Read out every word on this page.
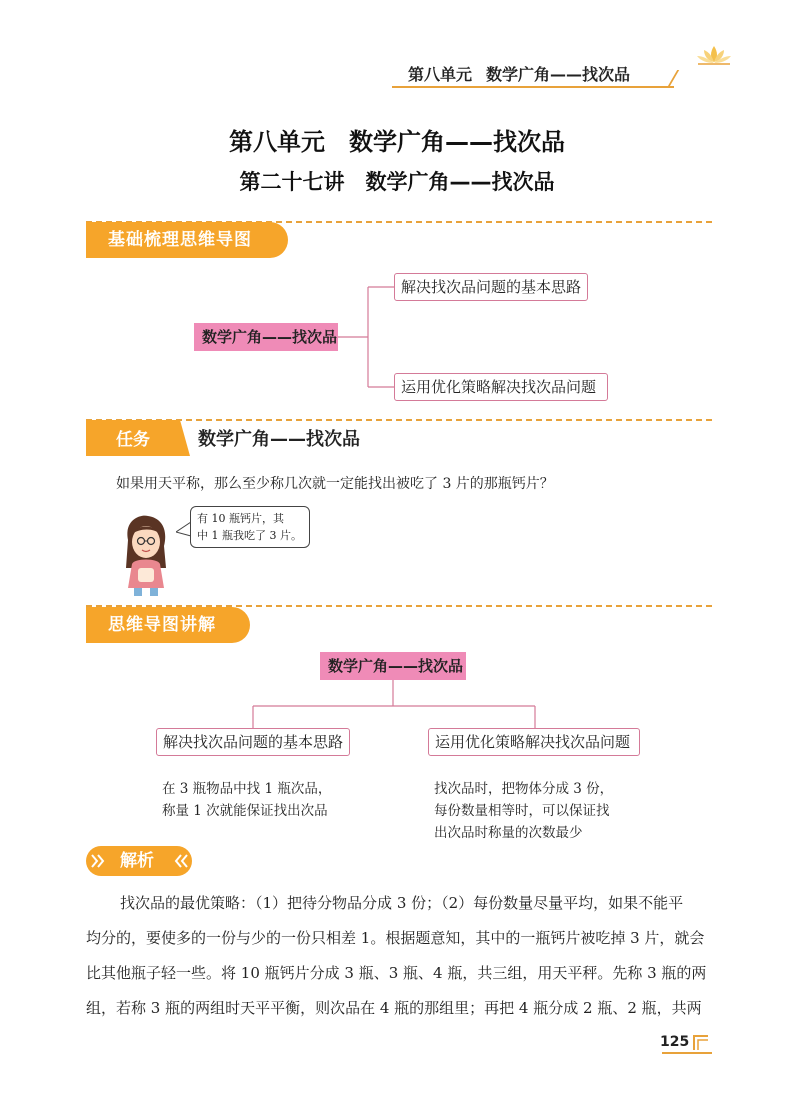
第八单元 数学广角——找次品
第八单元　数学广角——找次品
第二十七讲　数学广角——找次品
基础梳理思维导图
数学广角——找次品
解决找次品问题的基本思路
运用优化策略解决找次品问题
任务	数学广角——找次品
如果用天平称，那么至少称几次就一定能找出被吃了 3 片的那瓶钙片？
有 10 瓶钙片，其
中 1 瓶我吃了 3 片。
思维导图讲解
数学广角——找次品
解决找次品问题的基本思路	运用优化策略解决找次品问题
在 3 瓶物品中找 1 瓶次品，
称量 1 次就能保证找出次品
找次品时，把物体分成 3 份，
每份数量相等时，可以保证找
出次品时称量的次数最少
解析
找次品的最优策略：（1）把待分物品分成 3 份；（2）每份数量尽量平均，如果不能平
均分的，要使多的一份与少的一份只相差 1。根据题意知，其中的一瓶钙片被吃掉 3 片，就会
比其他瓶子轻一些。将 10 瓶钙片分成 3 瓶、3 瓶、4 瓶，共三组，用天平秤。先称 3 瓶的两
组，若称 3 瓶的两组时天平平衡，则次品在 4 瓶的那组里；再把 4 瓶分成 2 瓶、2 瓶，共两
125
